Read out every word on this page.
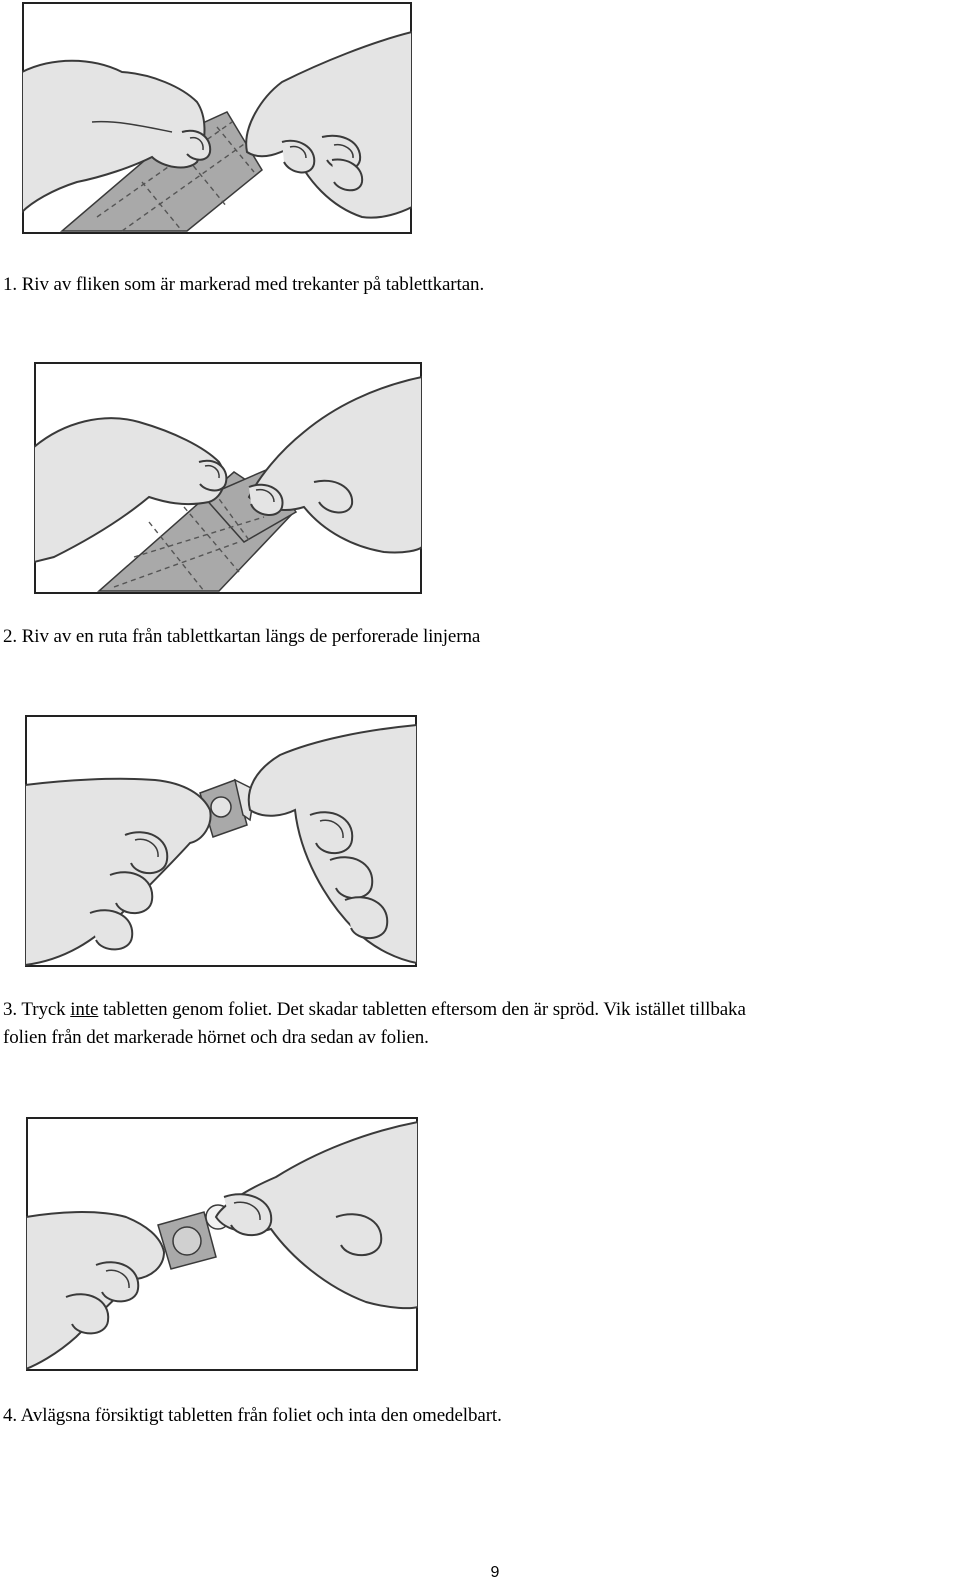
1. Riv av fliken som är markerad med trekanter på tablettkartan.

2. Riv av en ruta från tablettkartan längs de perforerade linjerna

3. Tryck inte tabletten genom foliet. Det skadar tabletten eftersom den är spröd. Vik istället tillbaka

folien från det markerade hörnet och dra sedan av folien.

4. Avlägsna försiktigt tabletten från foliet och inta den omedelbart.

9
